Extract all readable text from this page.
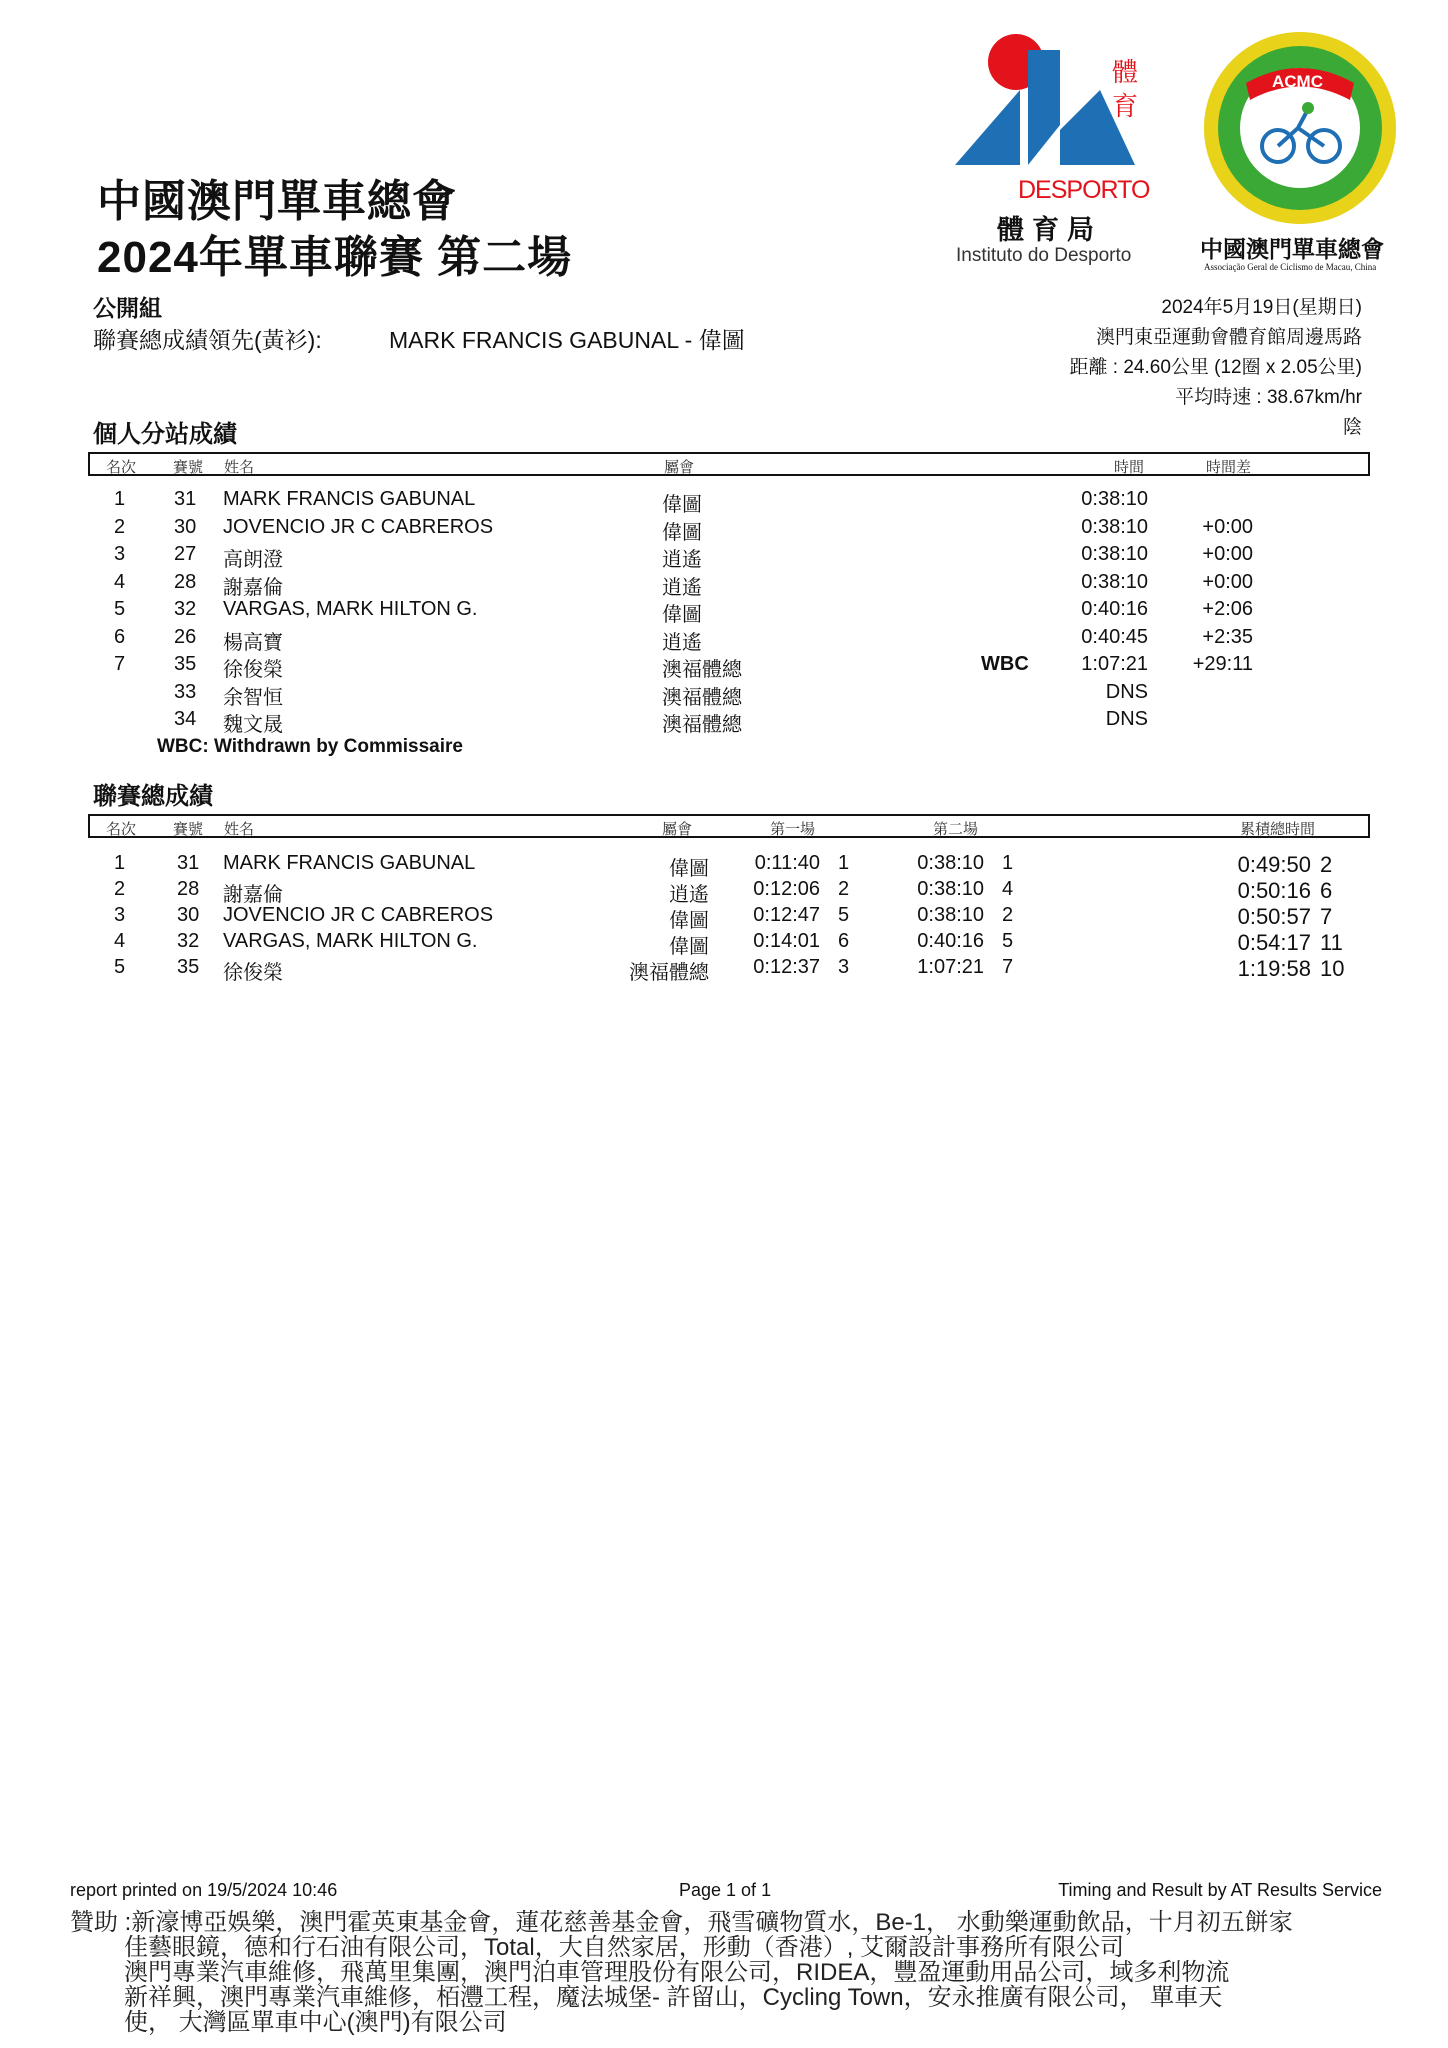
體育
DESPORTO
體育局
Instituto do Desporto
ACMC
中國澳門單車總會
Associação Geral de Ciclismo de Macau, China
中國澳門單車總會
2024年單車聯賽 第二場
公開組
聯賽總成績領先(黃衫):	MARK FRANCIS GABUNAL - 偉圖
2024年5月19日(星期日)
澳門東亞運動會體育館周邊馬路
距離 : 24.60公里 (12圈 x 2.05公里)
平均時速 : 38.67km/hr
陰
個人分站成績
名次 賽號 姓名	屬會	時間	時間差
1 31 MARK FRANCIS GABUNAL	偉圖	0:38:10
2 30 JOVENCIO JR C CABREROS	偉圖	0:38:10	+0:00
3 27 高朗澄	逍遙	0:38:10	+0:00
4 28 謝嘉倫	逍遙	0:38:10	+0:00
5 32 VARGAS, MARK HILTON G.	偉圖	0:40:16	+2:06
6 26 楊高寶	逍遙	0:40:45	+2:35
7 35 徐俊榮	澳福體總	WBC	1:07:21 +29:11
33 余智恒	澳福體總	DNS
34 魏文晟	澳福體總	DNS
WBC: Withdrawn by Commissaire
聯賽總成績
名次 賽號 姓名	屬會	第一場	第二場	累積總時間
1	31 MARK FRANCIS GABUNAL	偉圖 0:11:40 1	0:38:10 1	0:49:50 2
2	28 謝嘉倫	逍遙 0:12:06 2	0:38:10 4	0:50:16 6
3	30 JOVENCIO JR C CABREROS	偉圖 0:12:47 5	0:38:10 2	0:50:57 7
4	32 VARGAS, MARK HILTON G.	偉圖 0:14:01 6	0:40:16 5	0:54:17 11
5	35 徐俊榮	澳福體總 0:12:37 3	1:07:21 7	1:19:58 10
report printed on 19/5/2024 10:46	Page 1 of 1	Timing and Result by AT Results Service
贊助 :新濠博亞娛樂，澳門霍英東基金會，蓮花慈善基金會，飛雪礦物質水，Be-1， 水動樂運動飲品，十月初五餅家
佳藝眼鏡，德和行石油有限公司，Total，大自然家居，形動（香港）, 艾爾設計事務所有限公司
澳門專業汽車維修，飛萬里集團，澳門泊車管理股份有限公司，RIDEA，豐盈運動用品公司，域多利物流
新祥興，澳門專業汽車維修，栢灃工程，魔法城堡- 許留山，Cycling Town，安永推廣有限公司， 單車天
使， 大灣區單車中心(澳門)有限公司
